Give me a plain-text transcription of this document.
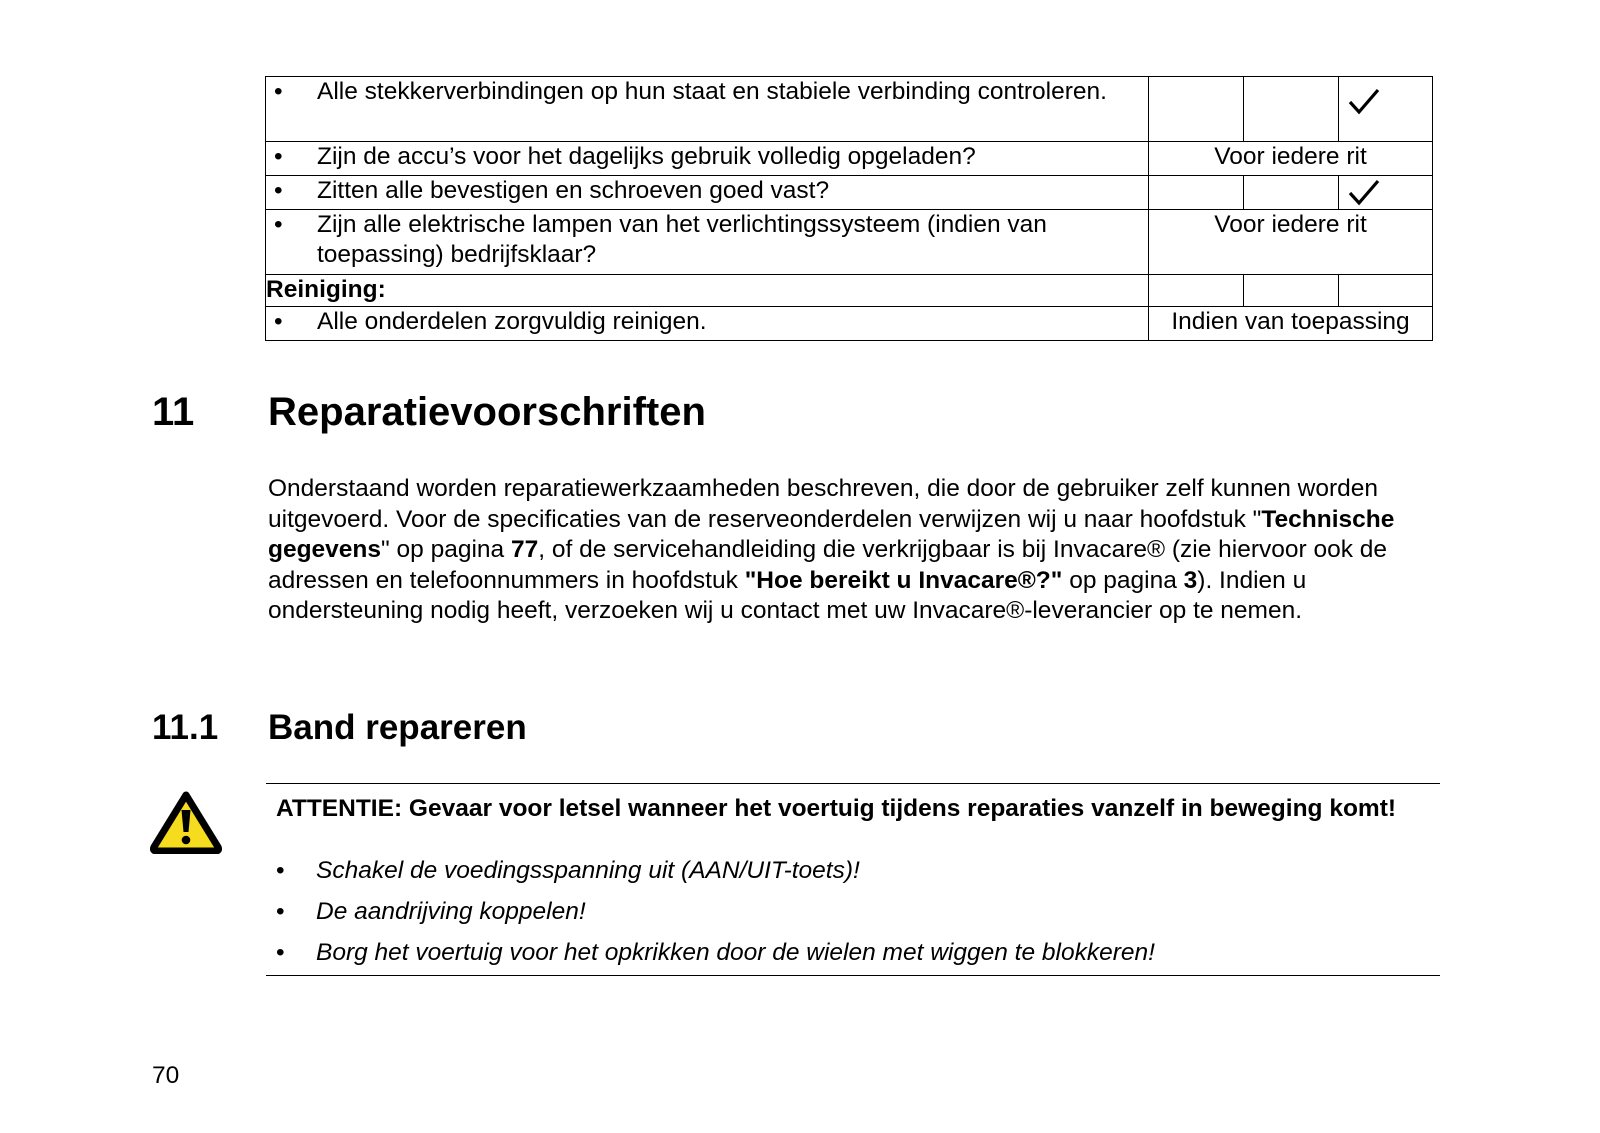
• Alle stekkerverbindingen op hun staat en stabiele verbinding controleren.

• Zijn de accu’s voor het dagelijks gebruik volledig opgeladen?	Voor iedere rit		

• Zitten alle bevestigen en schroeven goed vast?

• Zijn alle elektrische lampen van het verlichtingssysteem (indien van toepassing) bedrijfsklaar?	Voor iedere rit		
Reiniging:			

• Alle onderdelen zorgvuldig reinigen.	Indien van toepassing		
11 Reparatievoorschriften
Onderstaand worden reparatiewerkzaamheden beschreven, die door de gebruiker zelf kunnen worden uitgevoerd. Voor de specificaties van de reserveonderdelen verwijzen wij u naar hoofdstuk "Technische gegevens" op pagina 77, of de servicehandleiding die verkrijgbaar is bij Invacare® (zie hiervoor ook de adressen en telefoonnummers in hoofdstuk "Hoe bereikt u Invacare®?" op pagina 3). Indien u ondersteuning nodig heeft, verzoeken wij u contact met uw Invacare®-leverancier op te nemen.
11.1 Band repareren
ATTENTIE: Gevaar voor letsel wanneer het voertuig tijdens reparaties vanzelf in beweging komt!
•	Schakel de voedingsspanning uit (AAN/UIT-toets)!
•	De aandrijving koppelen!
•	Borg het voertuig voor het opkrikken door de wielen met wiggen te blokkeren!
70
